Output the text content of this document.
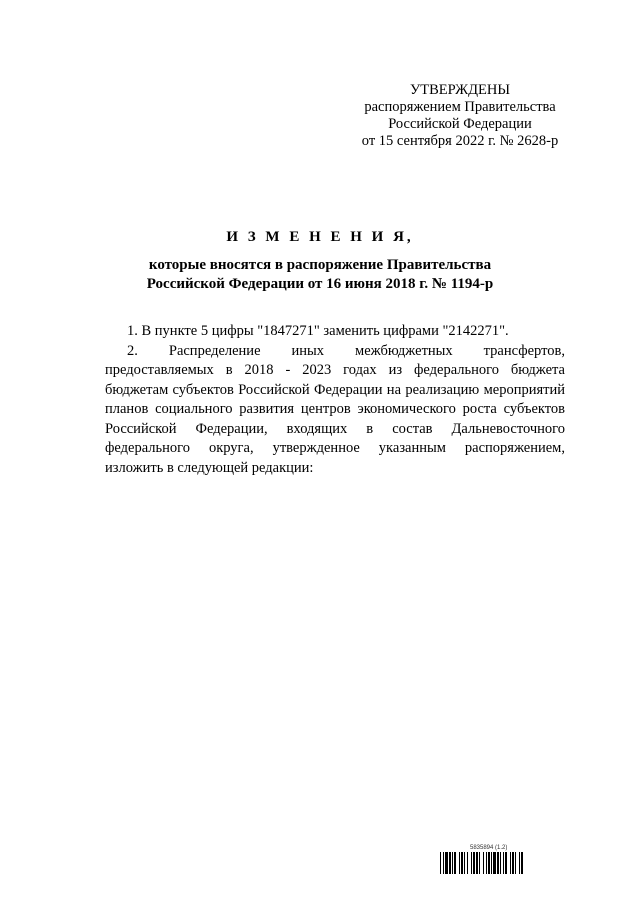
УТВЕРЖДЕНЫ
распоряжением Правительства
Российской Федерации
от 15 сентября 2022 г. № 2628-р
И З М Е Н Е Н И Я,
которые вносятся в распоряжение Правительства
Российской Федерации от 16 июня 2018 г. № 1194-р

1. В пункте 5 цифры "1847271" заменить цифрами "2142271".

2. Распределение иных межбюджетных трансфертов, предоставляемых в 2018 - 2023 годах из федерального бюджета бюджетам субъектов Российской Федерации на реализацию мероприятий планов социального развития центров экономического роста субъектов Российской Федерации, входящих в состав Дальневосточного федерального округа, утвержденное указанным распоряжением, изложить в следующей редакции:

5835894 (1.2)
